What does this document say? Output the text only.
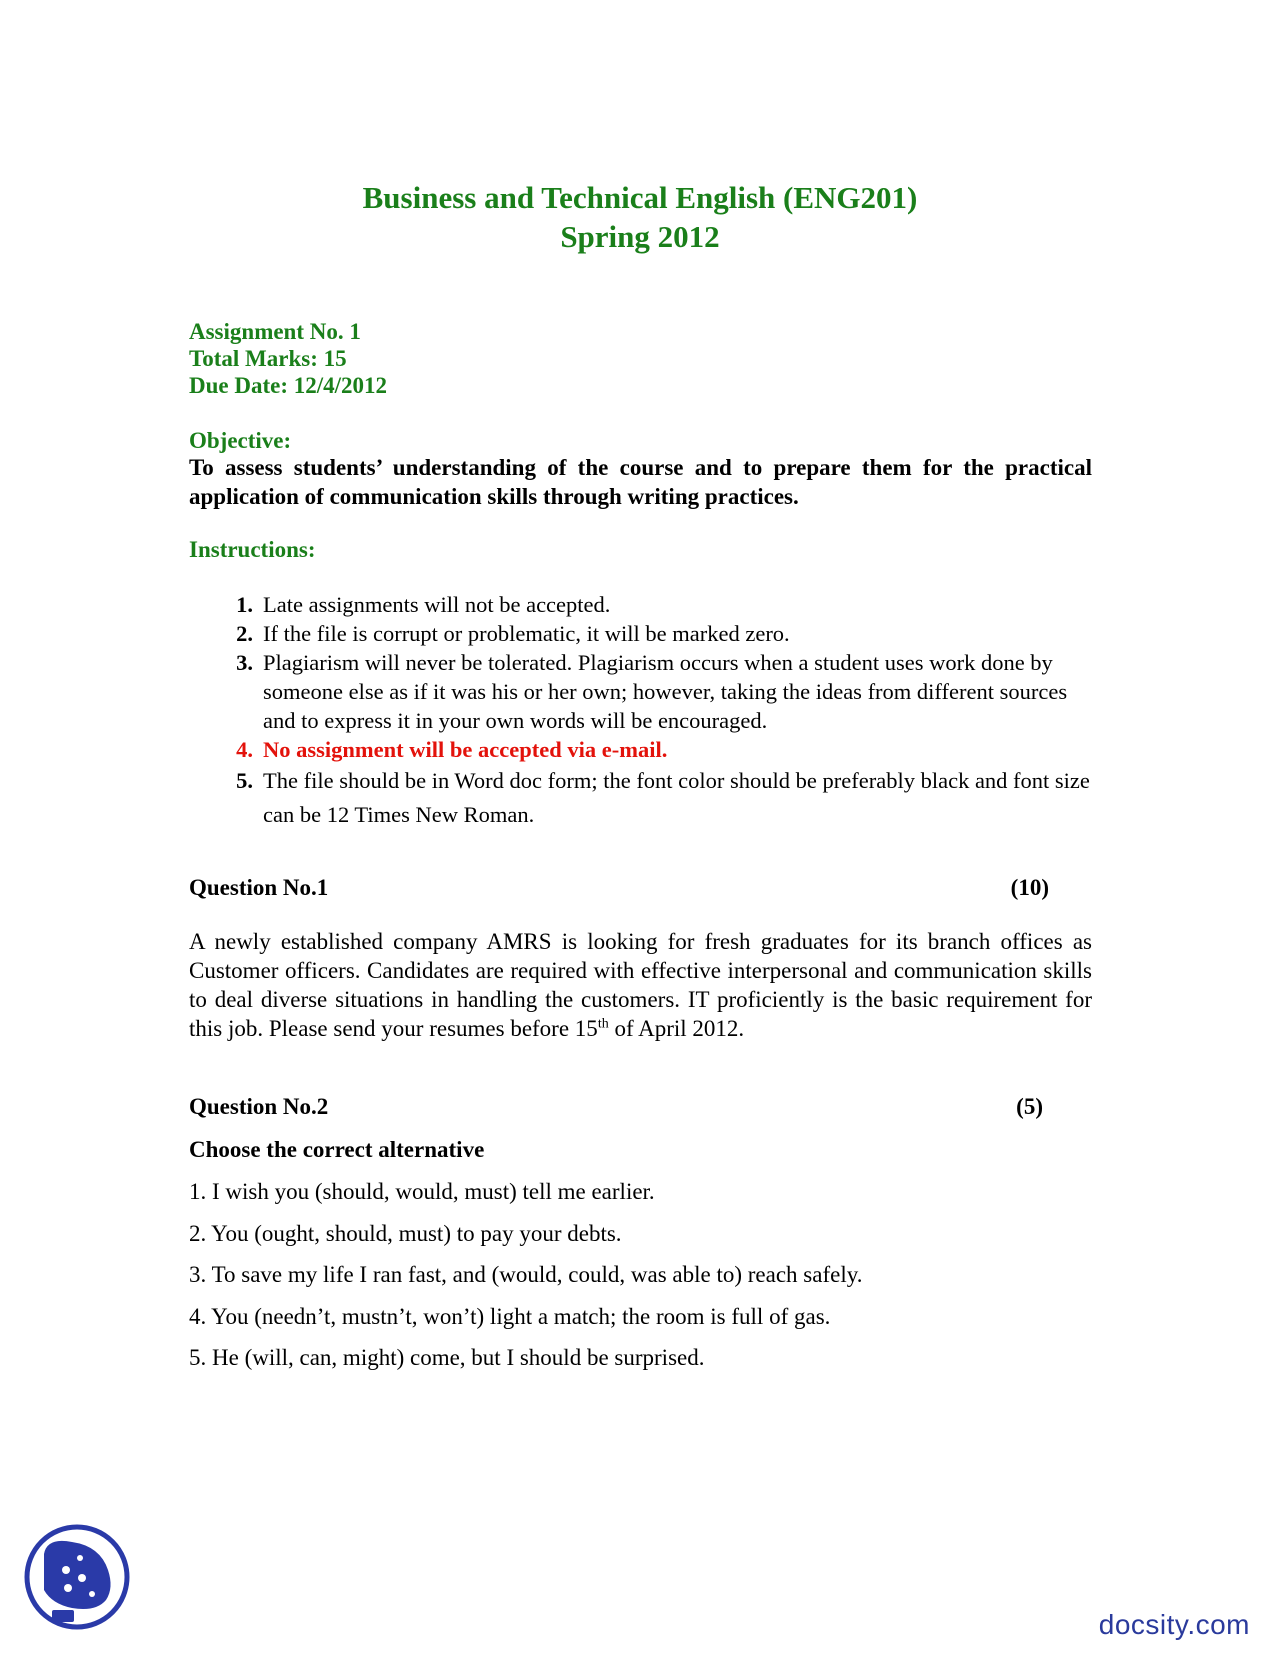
Business and Technical English (ENG201)
Spring 2012
Assignment No. 1
Total Marks: 15
Due Date: 12/4/2012
Objective:
To assess students’ understanding of the course and to prepare them for the practical application of communication skills through writing practices.
Instructions:
1. Late assignments will not be accepted.
2. If the file is corrupt or problematic, it will be marked zero.
3. Plagiarism will never be tolerated. Plagiarism occurs when a student uses work done by someone else as if it was his or her own; however, taking the ideas from different sources and to express it in your own words will be encouraged.
4. No assignment will be accepted via e-mail.
5. The file should be in Word doc form; the font color should be preferably black and font size can be 12 Times New Roman.
Question No.1	(10)
A newly established company AMRS is looking for fresh graduates for its branch offices as Customer officers. Candidates are required with effective interpersonal and communication skills to deal diverse situations in handling the customers. IT proficiently is the basic requirement for this job. Please send your resumes before 15th of April 2012.
Question No.2	(5)
Choose the correct alternative
1. I wish you (should, would, must) tell me earlier.
2. You (ought, should, must) to pay your debts.
3. To save my life I ran fast, and (would, could, was able to) reach safely.
4. You (needn’t, mustn’t, won’t) light a match; the room is full of gas.
5. He (will, can, might) come, but I should be surprised.
docsity.com
